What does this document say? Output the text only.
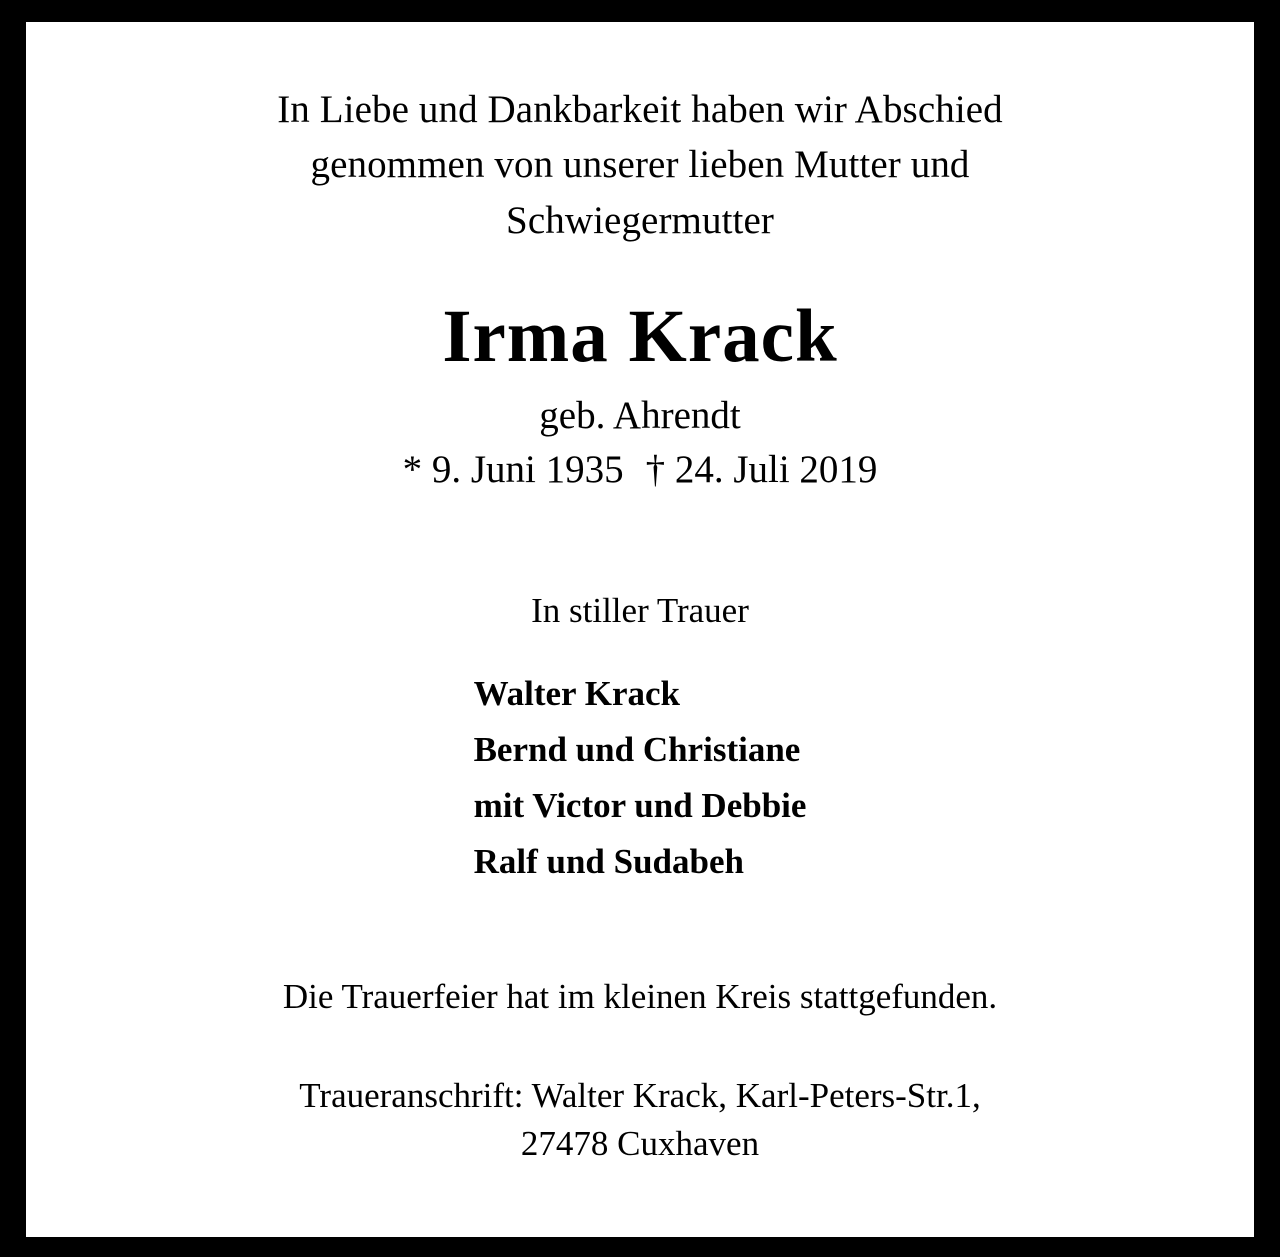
In Liebe und Dankbarkeit haben wir Abschied
genommen von unserer lieben Mutter und
Schwiegermutter
Irma Krack
geb. Ahrendt
* 9. Juni 1935 † 24. Juli 2019
In stiller Trauer
Walter Krack
Bernd und Christiane
mit Victor und Debbie
Ralf und Sudabeh
Die Trauerfeier hat im kleinen Kreis stattgefunden.
Traueranschrift: Walter Krack, Karl-Peters-Str.1,
27478 Cuxhaven
